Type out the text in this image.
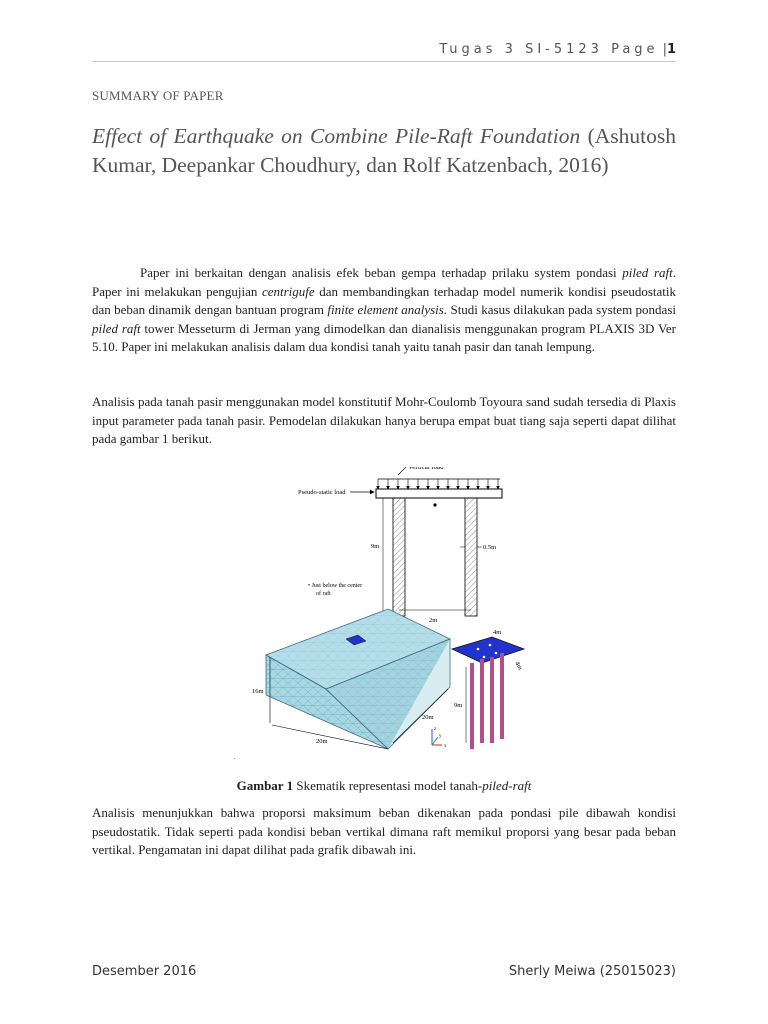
Tugas 3 SI-5123 Page |1
SUMMARY OF PAPER
Effect of Earthquake on Combine Pile-Raft Foundation (Ashutosh Kumar, Deepankar Choudhury, dan Rolf Katzenbach, 2016)
Paper ini berkaitan dengan analisis efek beban gempa terhadap prilaku system pondasi piled raft. Paper ini melakukan pengujian centrigufe dan membandingkan terhadap model numerik kondisi pseudostatik dan beban dinamik dengan bantuan program finite element analysis. Studi kasus dilakukan pada system pondasi piled raft tower Messeturm di Jerman yang dimodelkan dan dianalisis menggunakan program PLAXIS 3D Ver 5.10. Paper ini melakukan analisis dalam dua kondisi tanah yaitu tanah pasir dan tanah lempung.
Analisis pada tanah pasir menggunakan model konstitutif Mohr-Coulomb Toyoura sand sudah tersedia di Plaxis input parameter pada tanah pasir. Pemodelan dilakukan hanya berupa empat buat tiang saja seperti dapat dilihat pada gambar 1 berikut.
Vertical load
Pseudo-static load
9m	0.5m
2m
• Just below the center
of raft
16m
20m
20m
.
9m
4m
4m
z
y
x
Gambar 1 Skematik representasi model tanah-piled-raft
Analisis menunjukkan bahwa proporsi maksimum beban dikenakan pada pondasi pile dibawah kondisi pseudostatik. Tidak seperti pada kondisi beban vertikal dimana raft memikul proporsi yang besar pada beban vertikal. Pengamatan ini dapat dilihat pada grafik dibawah ini.
Desember 2016	Sherly Meiwa (25015023)
